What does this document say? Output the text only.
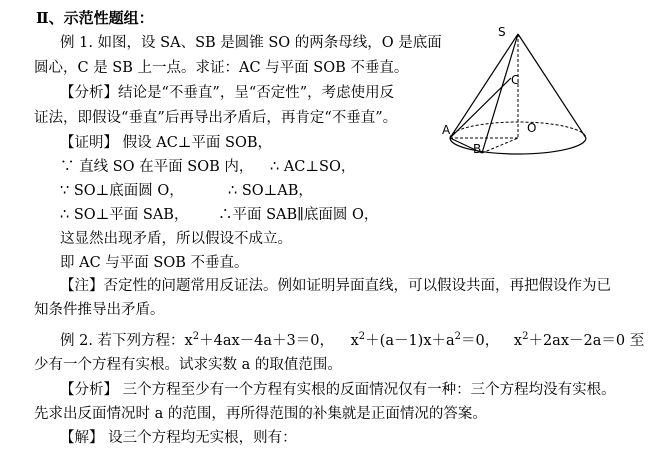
Ⅱ、示范性题组：
例 1. 如图，设 SA、SB 是圆锥 SO 的两条母线，O 是底面
圆心，C 是 SB 上一点。求证：AC 与平面 SOB 不垂直。
【分析】结论是“不垂直”，呈“否定性”，考虑使用反
证法，即假设“垂直”后再导出矛盾后，再肯定“不垂直”。
【证明】 假设 AC⊥平面 SOB，
∵ 直线 SO 在平面 SOB 内， ∴ AC⊥SO，
∵ SO⊥底面圆 O，	∴ SO⊥AB，
∴ SO⊥平面 SAB， ∴平面 SAB∥底面圆 O，
这显然出现矛盾，所以假设不成立。
即 AC 与平面 SOB 不垂直。
【注】否定性的问题常用反证法。例如证明异面直线，可以假设共面，再把假设作为已
知条件推导出矛盾。
例 2. 若下列方程：$x^2+4ax-4a+3=0$， $x^2+(a-1)x+a^2=0$， $x^2+2ax-2a=0$ 至
少有一个方程有实根。试求实数 a 的取值范围。
【分析】 三个方程至少有一个方程有实根的反面情况仅有一种：三个方程均没有实根。
先求出反面情况时 a 的范围，再所得范围的补集就是正面情况的答案。
【解】 设三个方程均无实根，则有：
S
C
O
A
B
